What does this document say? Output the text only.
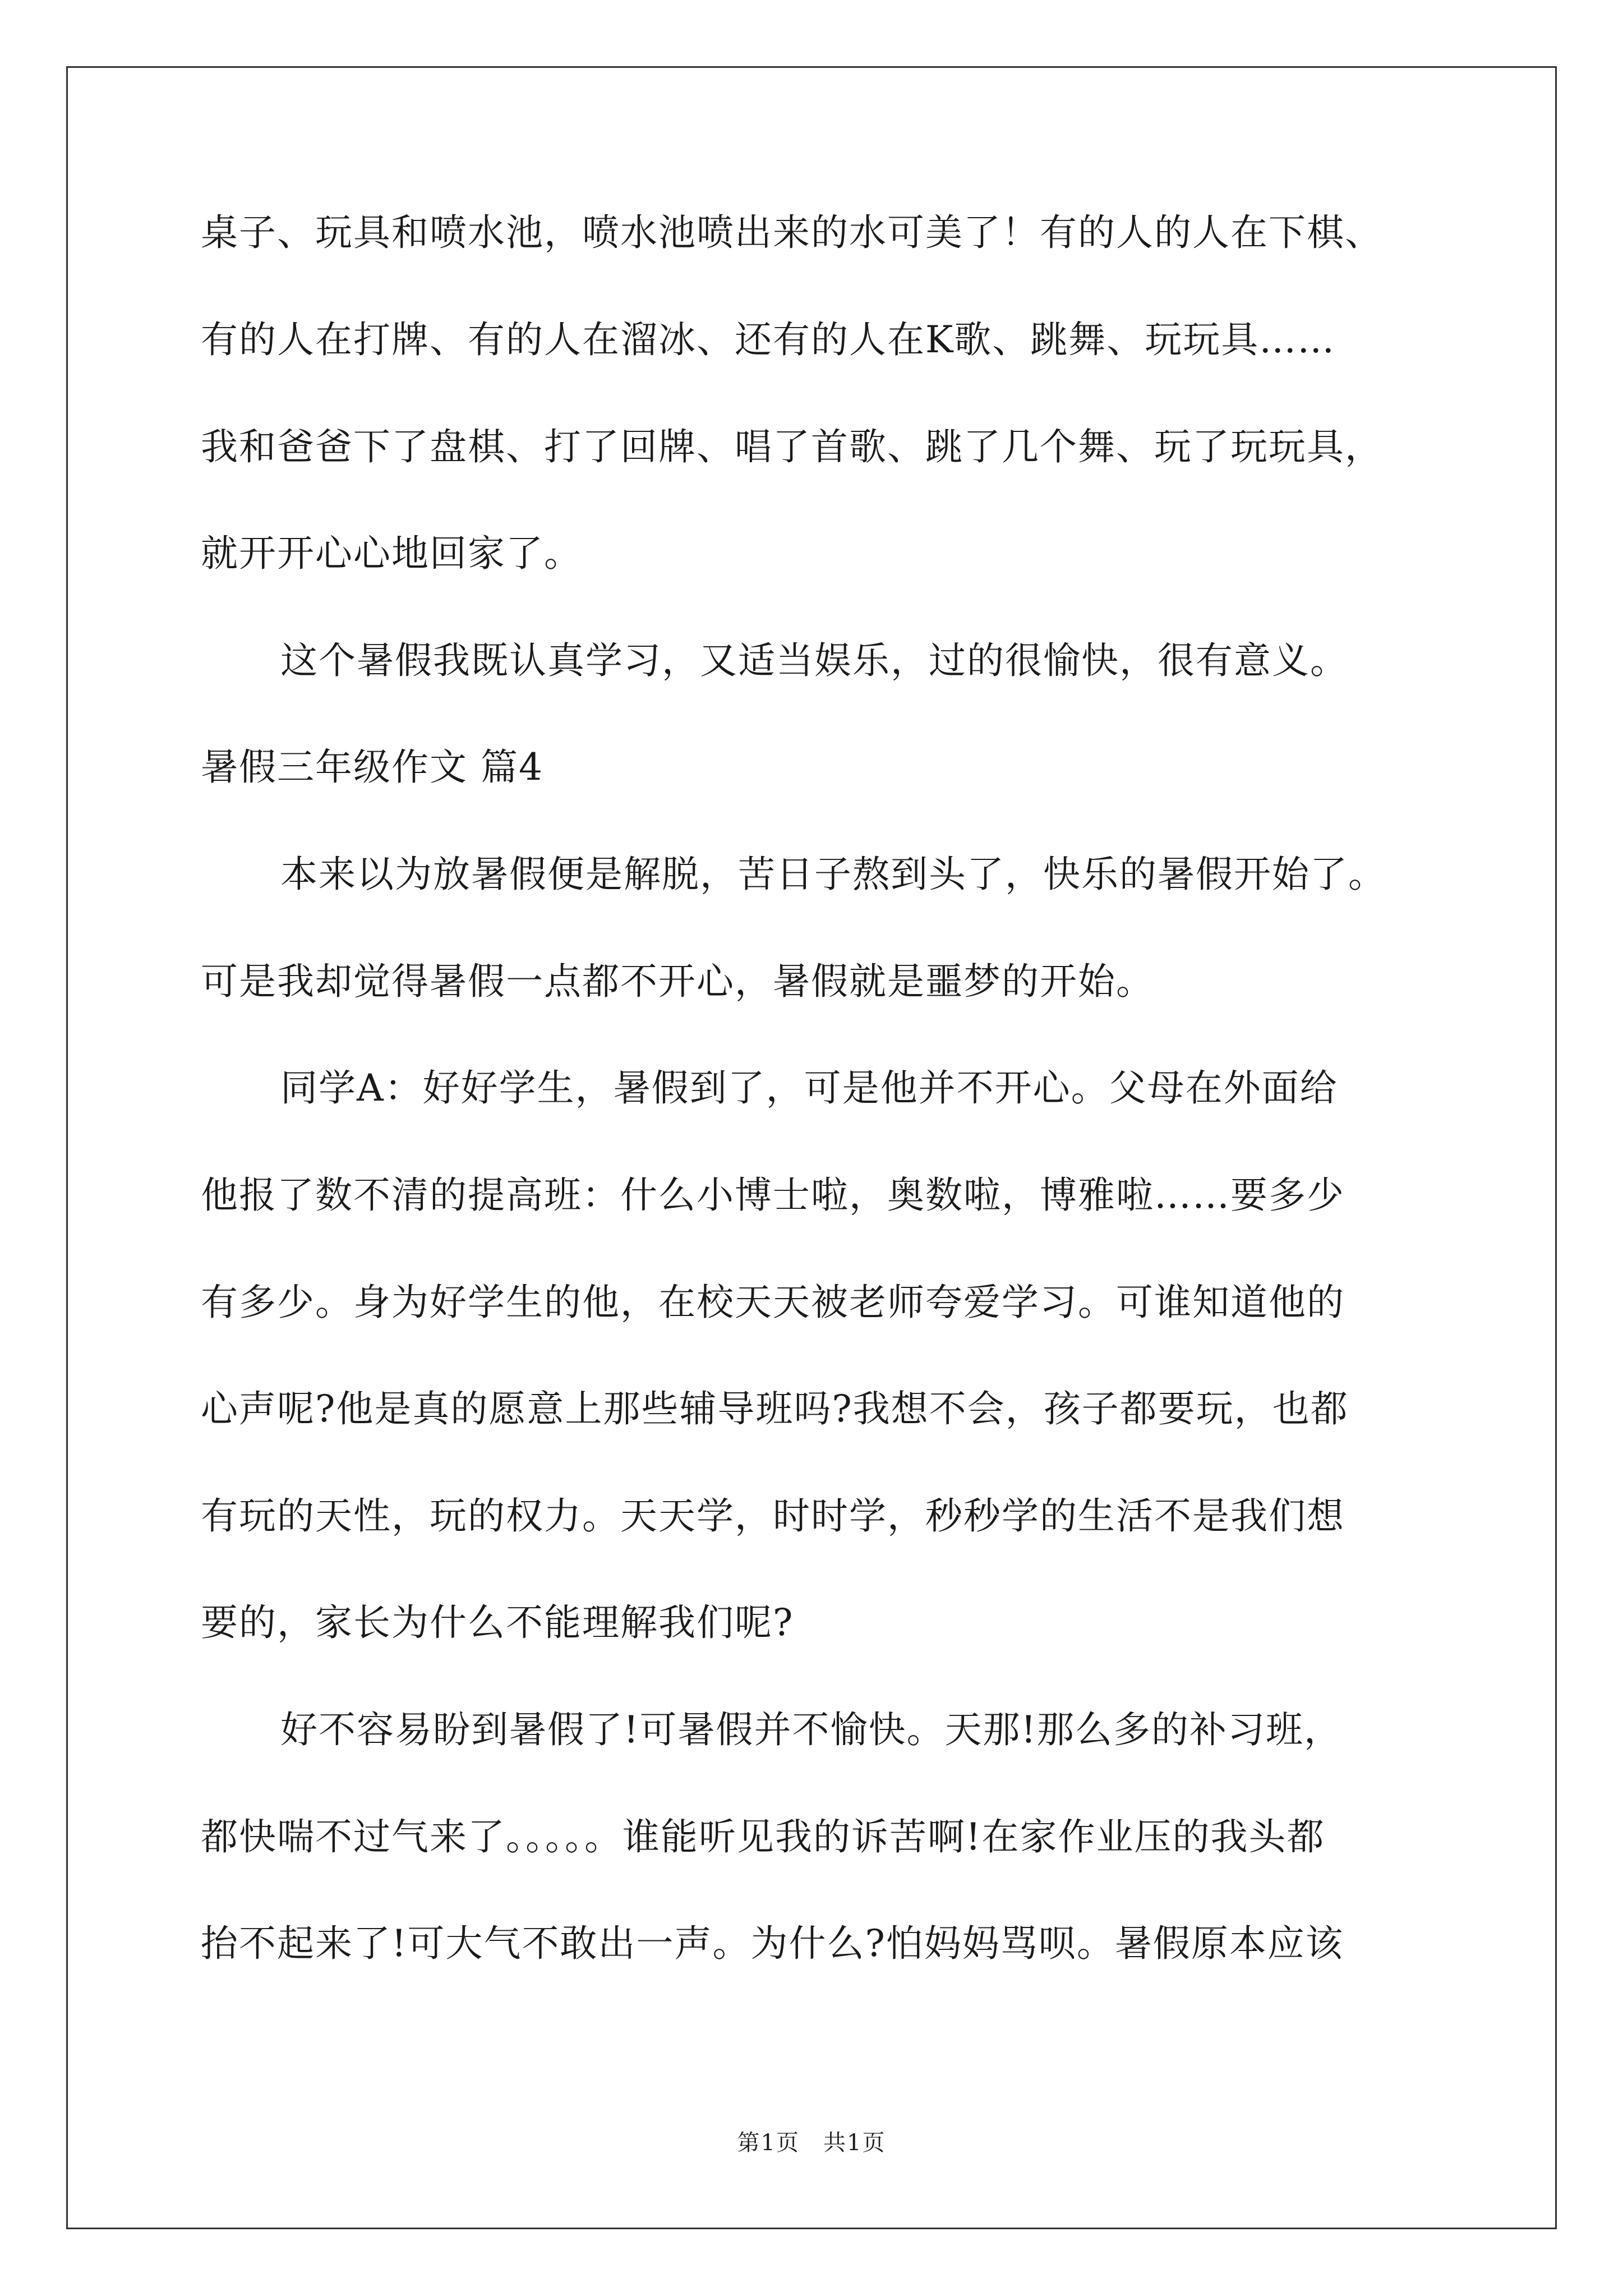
桌子、玩具和喷水池，喷水池喷出来的水可美了！有的人的人在下棋、
有的人在打牌、有的人在溜冰、还有的人在K歌、跳舞、玩玩具……
我和爸爸下了盘棋、打了回牌、唱了首歌、跳了几个舞、玩了玩玩具，
就开开心心地回家了。
这个暑假我既认真学习，又适当娱乐，过的很愉快，很有意义。
暑假三年级作文 篇4
本来以为放暑假便是解脱，苦日子熬到头了，快乐的暑假开始了。
可是我却觉得暑假一点都不开心，暑假就是噩梦的开始。
同学A：好好学生，暑假到了，可是他并不开心。父母在外面给
他报了数不清的提高班：什么小博士啦，奥数啦，博雅啦……要多少
有多少。身为好学生的他，在校天天被老师夸爱学习。可谁知道他的
心声呢?他是真的愿意上那些辅导班吗?我想不会，孩子都要玩，也都
有玩的天性，玩的权力。天天学，时时学，秒秒学的生活不是我们想
要的，家长为什么不能理解我们呢?
好不容易盼到暑假了!可暑假并不愉快。天那!那么多的补习班，
都快喘不过气来了。。。。。谁能听见我的诉苦啊!在家作业压的我头都
抬不起来了!可大气不敢出一声。为什么?怕妈妈骂呗。暑假原本应该
第1页　共1页
